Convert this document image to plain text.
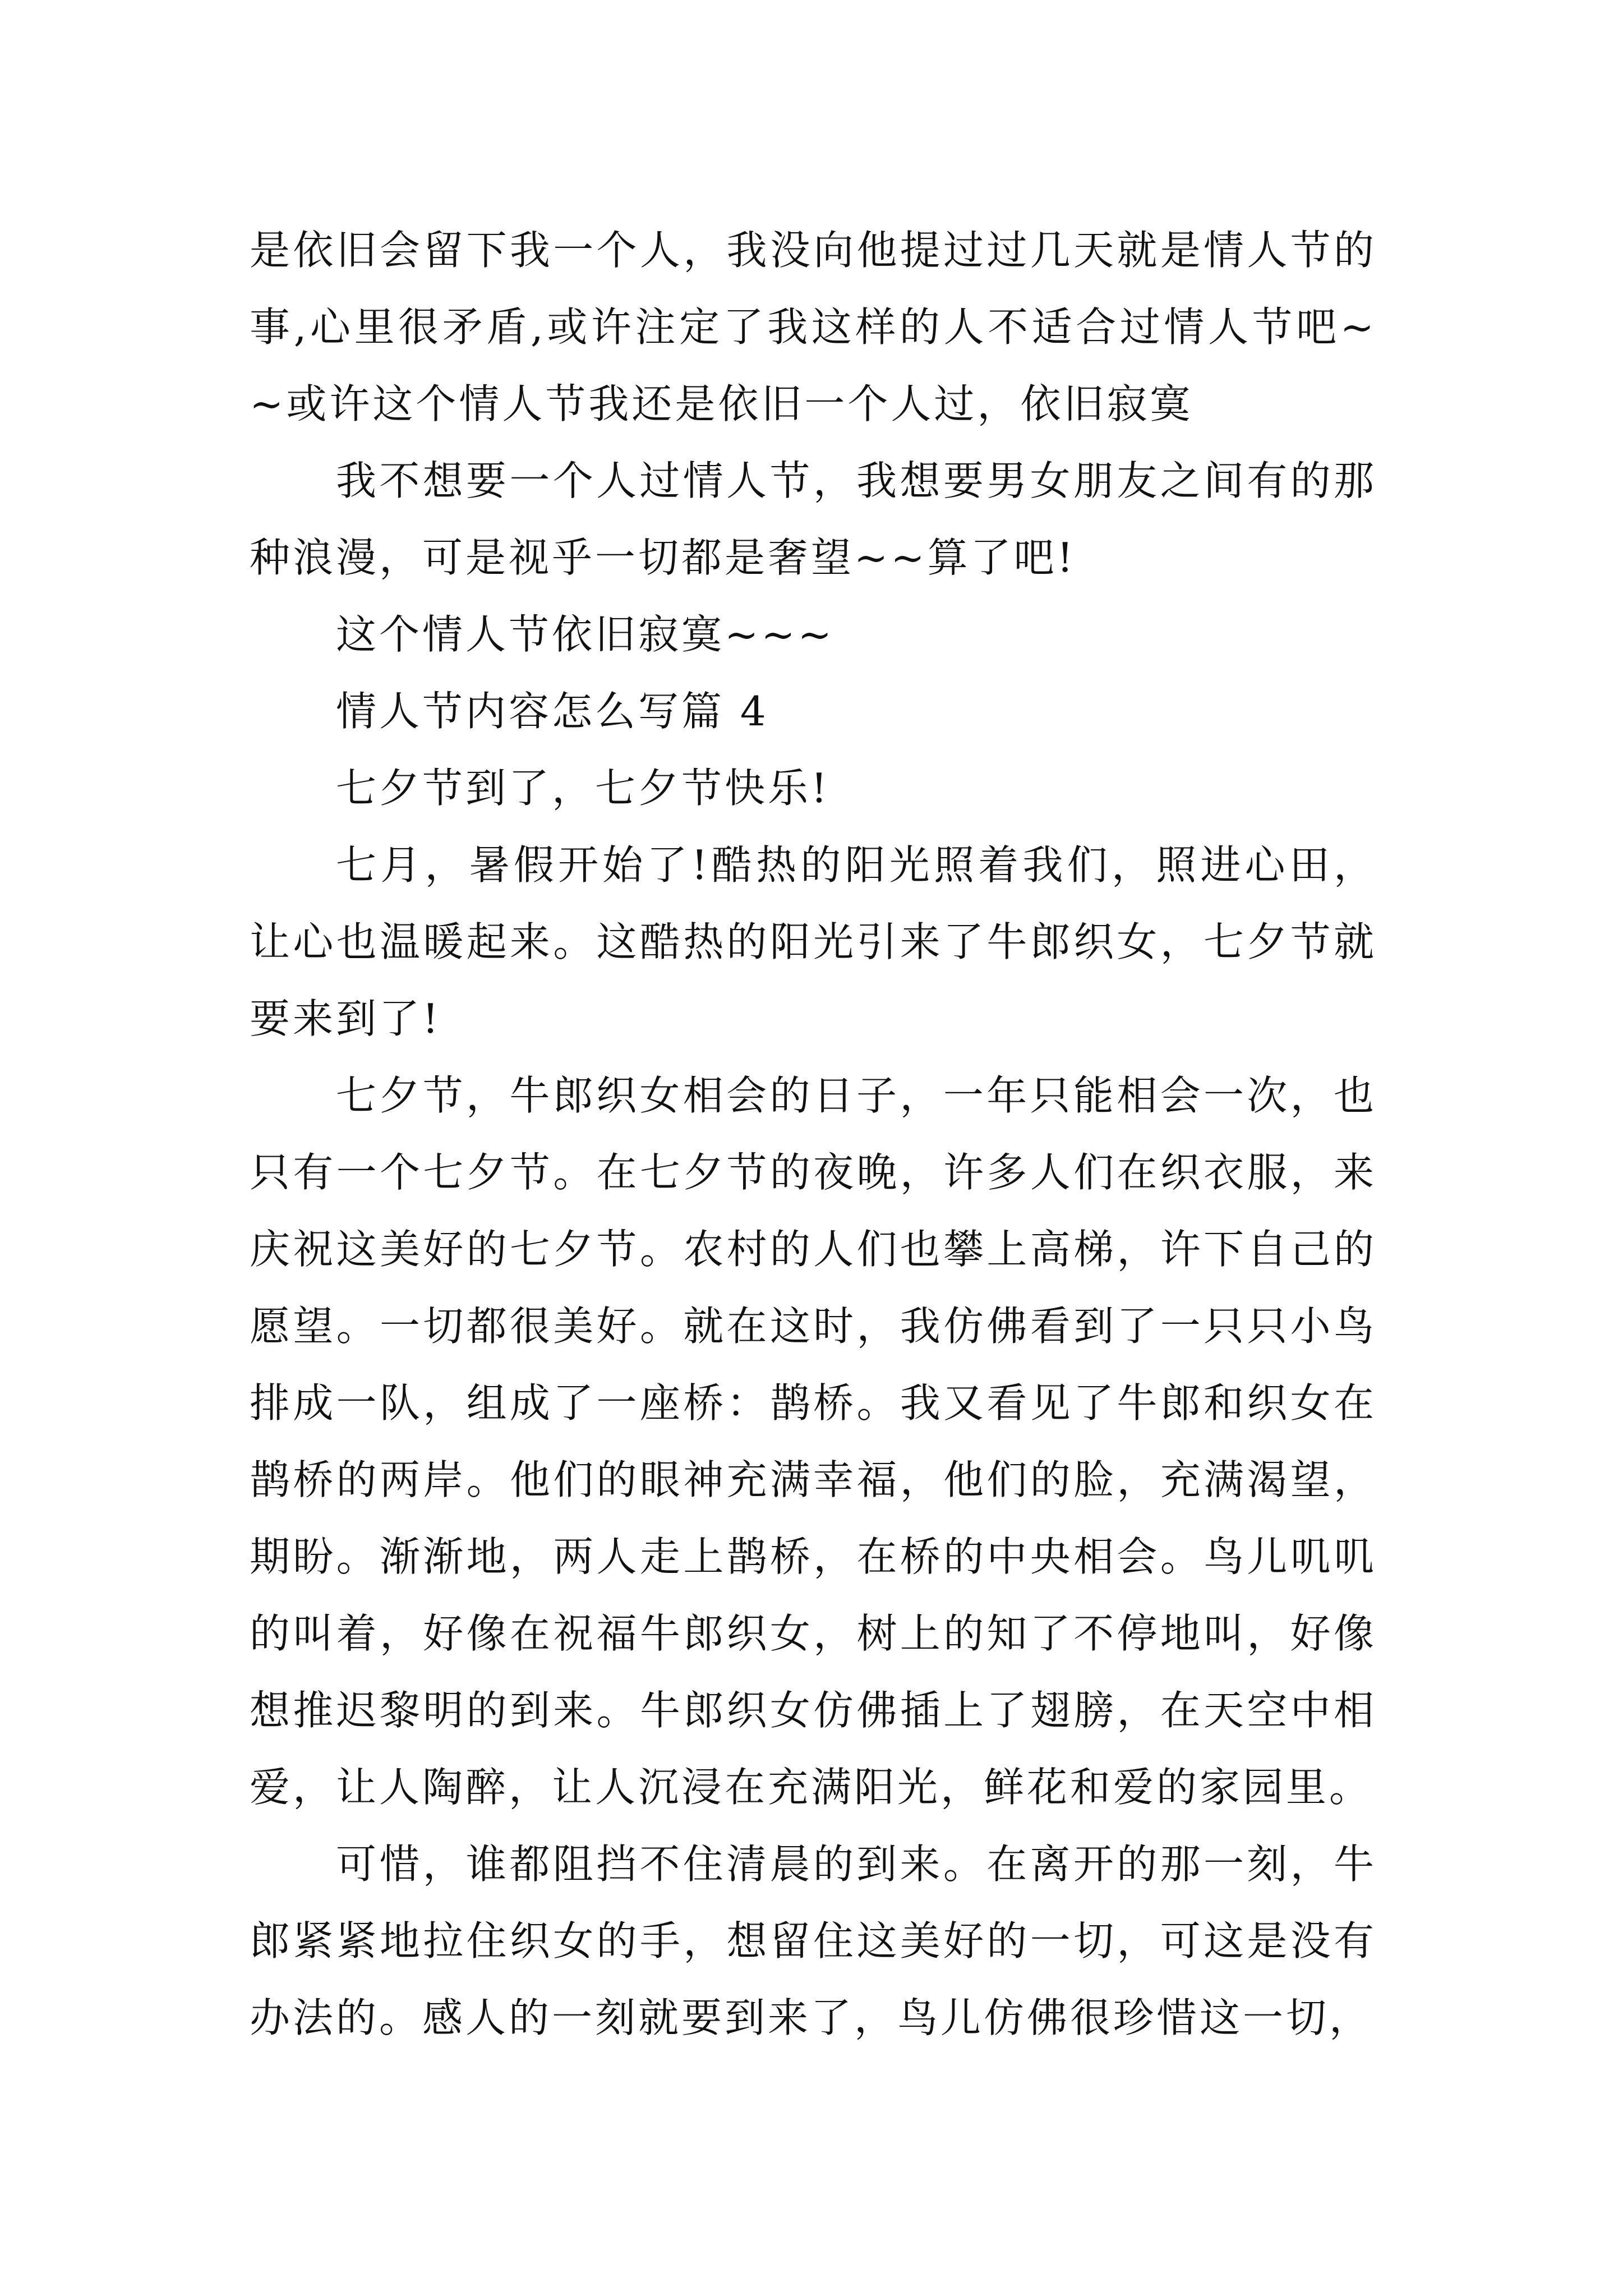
是依旧会留下我一个人，我没向他提过过几天就是情人节的事,心里很矛盾,或许注定了我这样的人不适合过情人节吧~~或许这个情人节我还是依旧一个人过，依旧寂寞

我不想要一个人过情人节，我想要男女朋友之间有的那种浪漫，可是视乎一切都是奢望~~算了吧!

这个情人节依旧寂寞~~~

情人节内容怎么写篇 4

七夕节到了，七夕节快乐!

七月，暑假开始了!酷热的阳光照着我们，照进心田，让心也温暖起来。这酷热的阳光引来了牛郎织女，七夕节就要来到了!

七夕节，牛郎织女相会的日子，一年只能相会一次，也只有一个七夕节。在七夕节的夜晚，许多人们在织衣服，来庆祝这美好的七夕节。农村的人们也攀上高梯，许下自己的愿望。一切都很美好。就在这时，我仿佛看到了一只只小鸟排成一队，组成了一座桥：鹊桥。我又看见了牛郎和织女在鹊桥的两岸。他们的眼神充满幸福，他们的脸，充满渴望，期盼。渐渐地，两人走上鹊桥，在桥的中央相会。鸟儿叽叽的叫着，好像在祝福牛郎织女，树上的知了不停地叫，好像想推迟黎明的到来。牛郎织女仿佛插上了翅膀，在天空中相爱，让人陶醉，让人沉浸在充满阳光，鲜花和爱的家园里。

可惜，谁都阻挡不住清晨的到来。在离开的那一刻，牛郎紧紧地拉住织女的手，想留住这美好的一切，可这是没有办法的。感人的一刻就要到来了，鸟儿仿佛很珍惜这一切，
